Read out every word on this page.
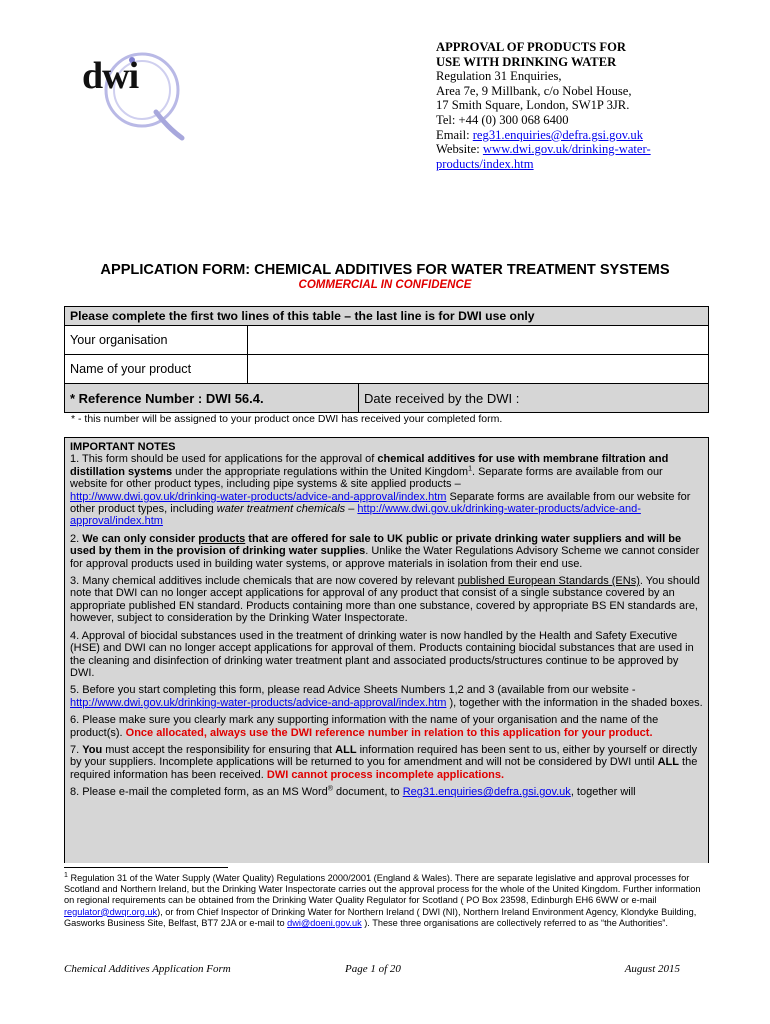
dwi
APPROVAL OF PRODUCTS FOR
USE WITH DRINKING WATER
Regulation 31 Enquiries,
Area 7e, 9 Millbank, c/o Nobel House,
17 Smith Square, London, SW1P 3JR.
Tel: +44 (0) 300 068 6400
Email: reg31.enquiries@defra.gsi.gov.uk
Website: www.dwi.gov.uk/drinking-water-
products/index.htm
APPLICATION FORM: CHEMICAL ADDITIVES FOR WATER TREATMENT SYSTEMS
COMMERCIAL IN CONFIDENCE
Please complete the first two lines of this table – the last line is for DWI use only
Your organisation
Name of your product
* Reference Number : DWI 56.4.	Date received by the DWI :
* - this number will be assigned to your product once DWI has received your completed form.

IMPORTANT NOTES

1. This form should be used for applications for the approval of chemical additives for use with membrane filtration and distillation systems under the appropriate regulations within the United Kingdom$^1$. Separate forms are available from our website for other product types, including pipe systems & site applied products –
http://www.dwi.gov.uk/drinking-water-products/advice-and-approval/index.htm Separate forms are available from our website for other product types, including water treatment chemicals – http://www.dwi.gov.uk/drinking-water-products/advice-and-approval/index.htm

2. We can only consider products that are offered for sale to UK public or private drinking water suppliers and will be used by them in the provision of drinking water supplies. Unlike the Water Regulations Advisory Scheme we cannot consider for approval products used in building water systems, or approve materials in isolation from their end use.

3. Many chemical additives include chemicals that are now covered by relevant published European Standards (ENs). You should note that DWI can no longer accept applications for approval of any product that consist of a single substance covered by an appropriate published EN standard. Products containing more than one substance, covered by appropriate BS EN standards are, however, subject to consideration by the Drinking Water Inspectorate.

4. Approval of biocidal substances used in the treatment of drinking water is now handled by the Health and Safety Executive (HSE) and DWI can no longer accept applications for approval of them. Products containing biocidal substances that are used in the cleaning and disinfection of drinking water treatment plant and associated products/structures continue to be approved by DWI.

5. Before you start completing this form, please read Advice Sheets Numbers 1,2 and 3 (available from our website - http://www.dwi.gov.uk/drinking-water-products/advice-and-approval/index.htm ), together with the information in the shaded boxes.

6. Please make sure you clearly mark any supporting information with the name of your organisation and the name of the product(s). Once allocated, always use the DWI reference number in relation to this application for your product.

7. You must accept the responsibility for ensuring that ALL information required has been sent to us, either by yourself or directly by your suppliers. Incomplete applications will be returned to you for amendment and will not be considered by DWI until ALL the required information has been received. DWI cannot process incomplete applications.

8. Please e-mail the completed form, as an MS Word® document, to Reg31.enquiries@defra.gsi.gov.uk, together will

$^1$ Regulation 31 of the Water Supply (Water Quality) Regulations 2000/2001 (England & Wales). There are separate legislative and approval processes for Scotland and Northern Ireland, but the Drinking Water Inspectorate carries out the approval process for the whole of the United Kingdom. Further information on regional requirements can be obtained from the Drinking Water Quality Regulator for Scotland ( PO Box 23598, Edinburgh EH6 6WW or e-mail regulator@dwqr.org.uk), or from Chief Inspector of Drinking Water for Northern Ireland ( DWI (NI), Northern Ireland Environment Agency, Klondyke Building, Gasworks Business Site, Belfast, BT7 2JA or e-mail to dwi@doeni.gov.uk ). These three organisations are collectively referred to as “the Authorities”.
Chemical Additives Application Form	Page 1 of 20	August 2015
